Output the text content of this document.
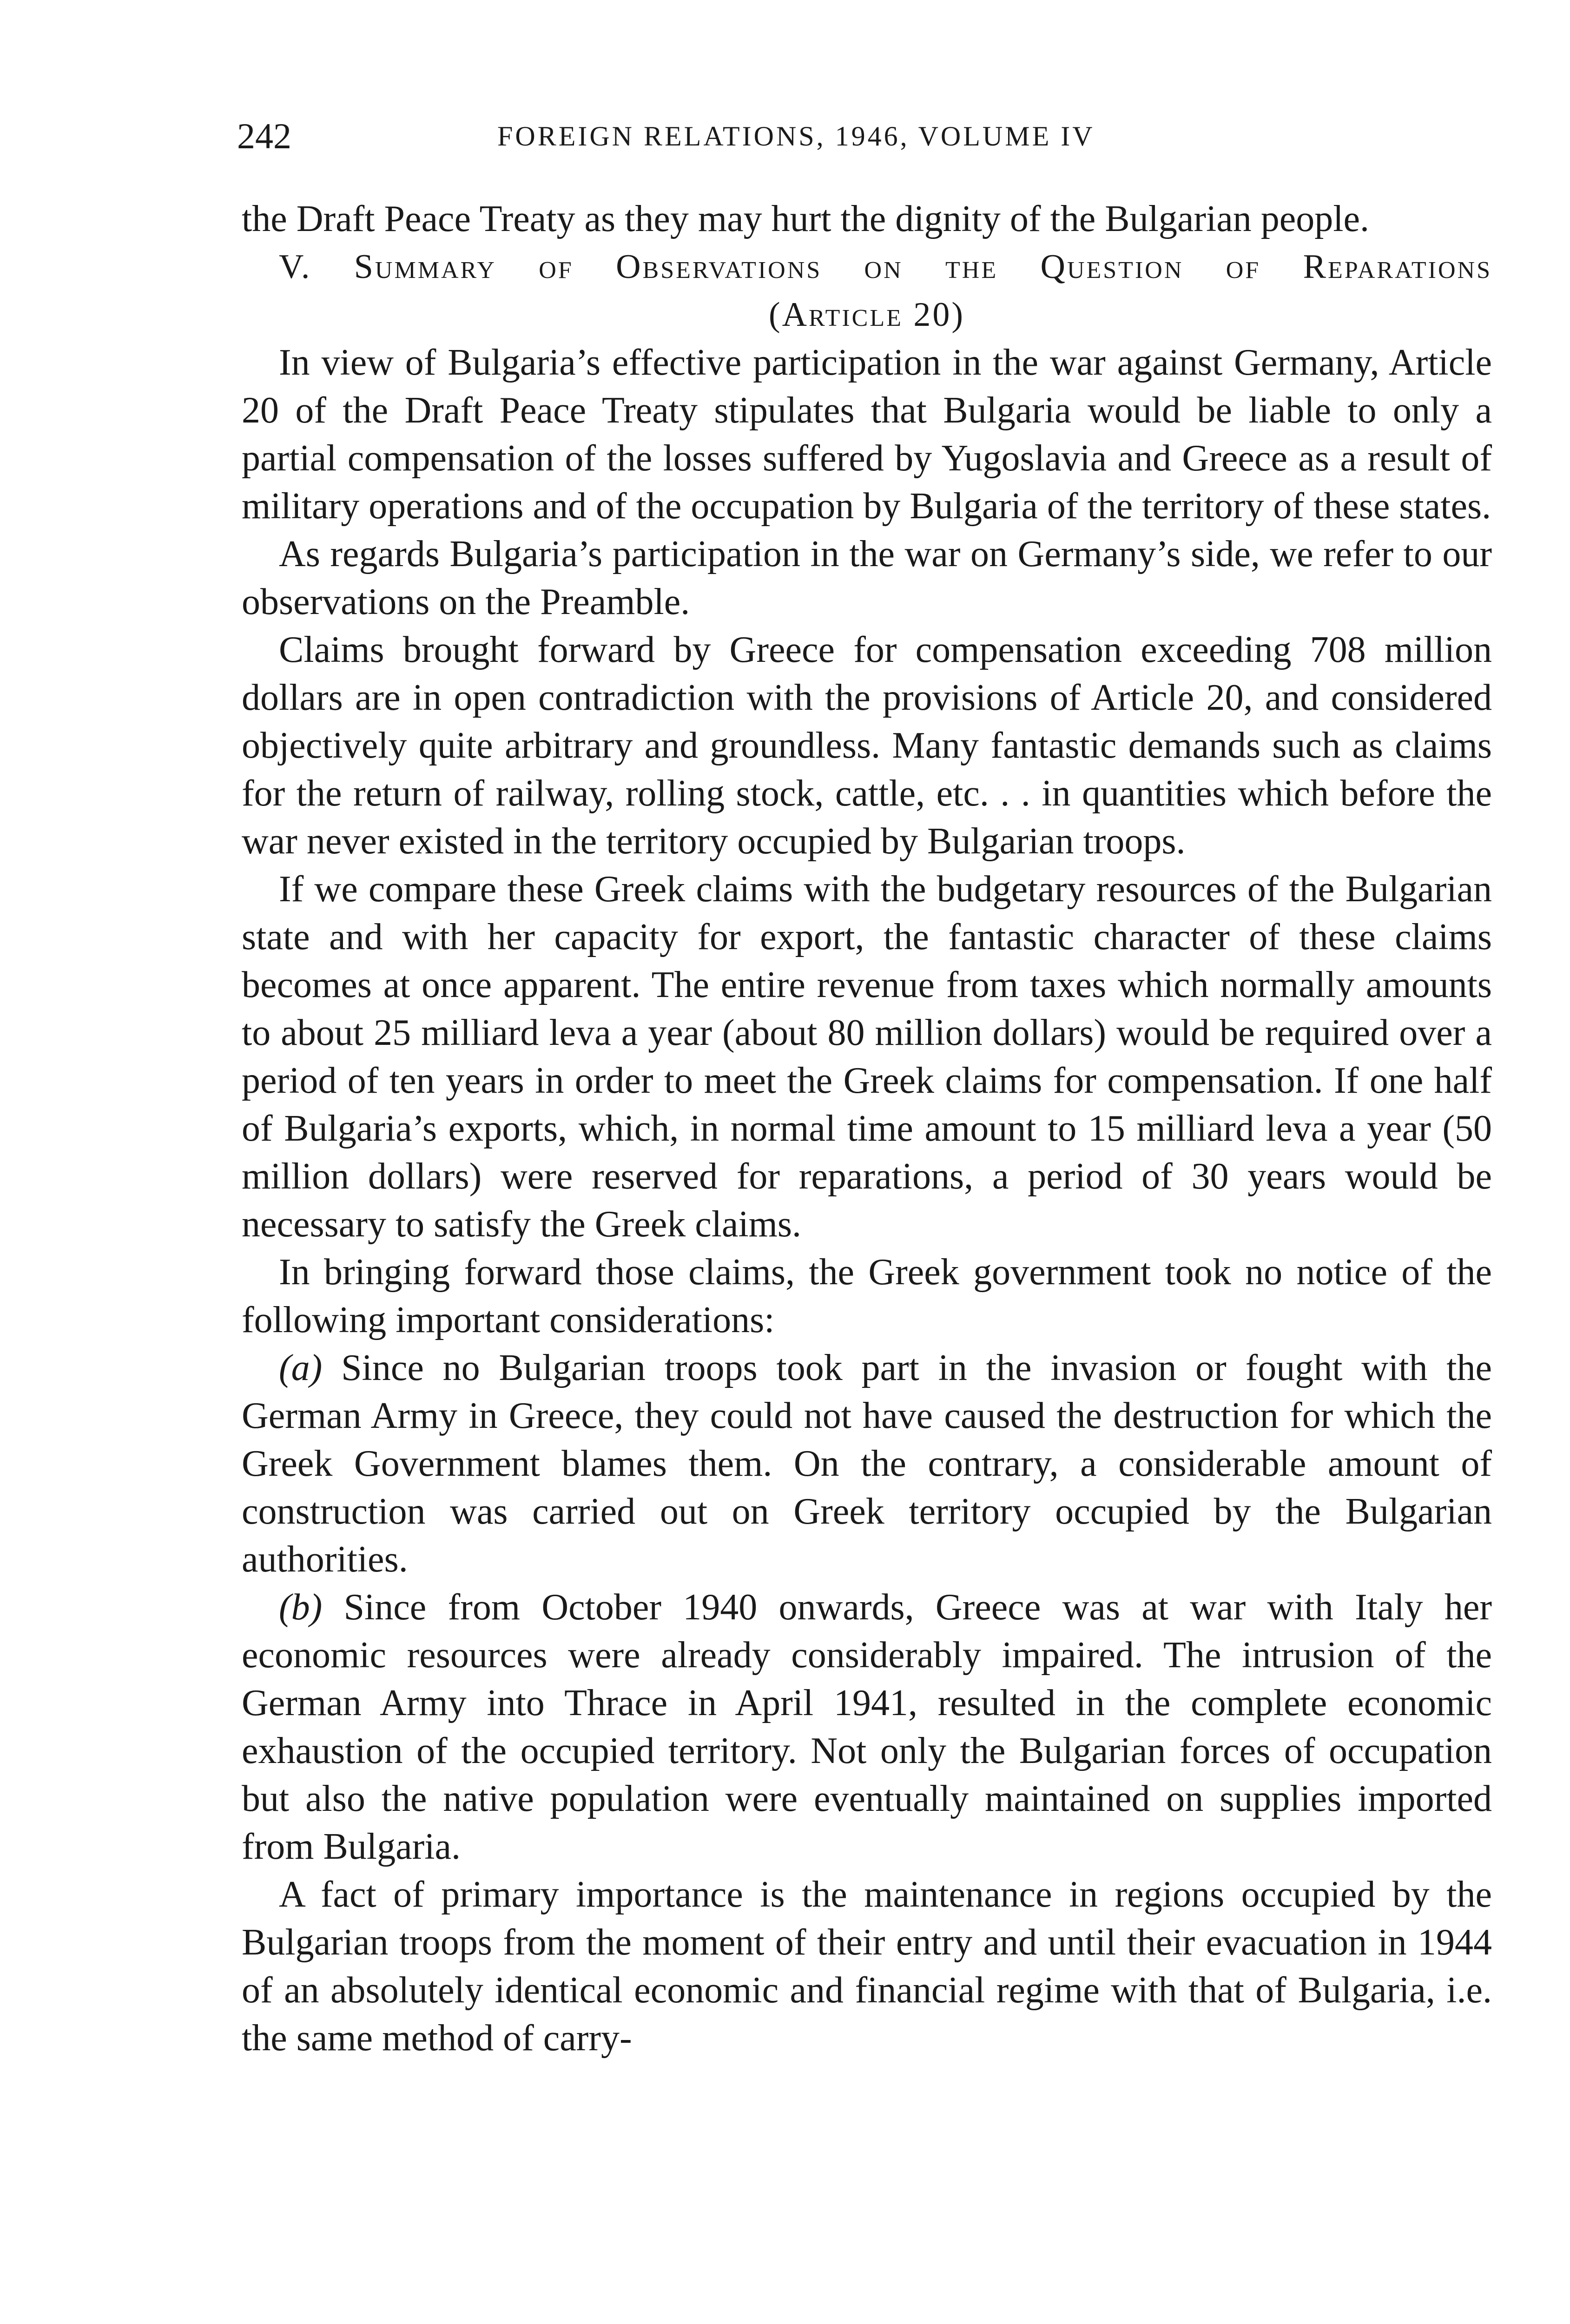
242	FOREIGN RELATIONS, 1946, VOLUME IV

the Draft Peace Treaty as they may hurt the dignity of the Bulgarian people.

V. Summary of Observations on the Question of Reparations

(Article 20)

In view of Bulgaria’s effective participation in the war against Germany, Article 20 of the Draft Peace Treaty stipulates that Bulgaria would be liable to only a partial compensation of the losses suffered by Yugoslavia and Greece as a result of military operations and of the occupation by Bulgaria of the territory of these states.

As regards Bulgaria’s participation in the war on Germany’s side, we refer to our observations on the Preamble.

Claims brought forward by Greece for compensation exceeding 708 million dollars are in open contradiction with the provisions of Article 20, and considered objectively quite arbitrary and groundless. Many fantastic demands such as claims for the return of railway, rolling stock, cattle, etc. . . in quantities which before the war never existed in the territory occupied by Bulgarian troops.

If we compare these Greek claims with the budgetary resources of the Bulgarian state and with her capacity for export, the fantastic character of these claims becomes at once apparent. The entire revenue from taxes which normally amounts to about 25 milliard leva a year (about 80 million dollars) would be required over a period of ten years in order to meet the Greek claims for compensation. If one half of Bulgaria’s exports, which, in normal time amount to 15 milliard leva a year (50 million dollars) were reserved for reparations, a period of 30 years would be necessary to satisfy the Greek claims.

In bringing forward those claims, the Greek government took no notice of the following important considerations:

(a) Since no Bulgarian troops took part in the invasion or fought with the German Army in Greece, they could not have caused the destruction for which the Greek Government blames them. On the contrary, a considerable amount of construction was carried out on Greek territory occupied by the Bulgarian authorities.

(b) Since from October 1940 onwards, Greece was at war with Italy her economic resources were already considerably impaired. The intrusion of the German Army into Thrace in April 1941, resulted in the complete economic exhaustion of the occupied territory. Not only the Bulgarian forces of occupation but also the native population were eventually maintained on supplies imported from Bulgaria.

A fact of primary importance is the maintenance in regions occupied by the Bulgarian troops from the moment of their entry and until their evacuation in 1944 of an absolutely identical economic and financial regime with that of Bulgaria, i.e. the same method of carry-
